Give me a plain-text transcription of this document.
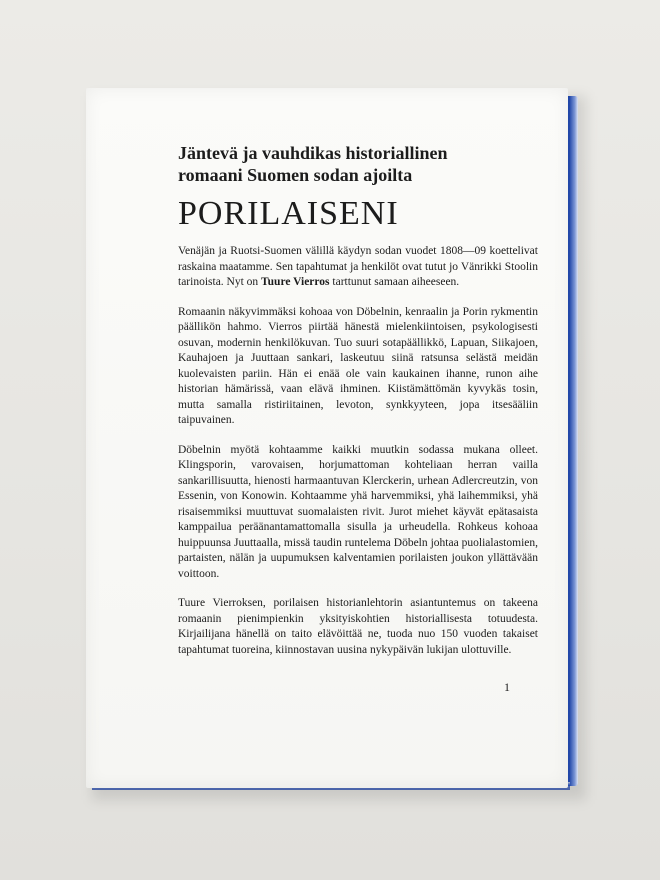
Jäntevä ja vauhdikas historiallinen
romaani Suomen sodan ajoilta

PORILAISENI

Venäjän ja Ruotsi-Suomen välillä käydyn sodan vuodet 1808—09 koettelivat raskaina maatamme. Sen tapahtumat ja henkilöt ovat tutut jo Vänrikki Stoolin tarinoista. Nyt on Tuure Vierros tarttunut samaan aiheeseen.

Romaanin näkyvimmäksi kohoaa von Döbelnin, kenraalin ja Porin rykmentin päällikön hahmo. Vierros piirtää hänestä mielenkiintoisen, psykologisesti osuvan, modernin henkilökuvan. Tuo suuri sotapäällikkö, Lapuan, Siikajoen, Kauhajoen ja Juuttaan sankari, laskeutuu siinä ratsunsa selästä meidän kuolevaisten pariin. Hän ei enää ole vain kaukainen ihanne, runon aihe historian hämärissä, vaan elävä ihminen. Kiistämättömän kyvykäs tosin, mutta samalla ristiriitainen, levoton, synkkyyteen, jopa itsesääliin taipuvainen.

Döbelnin myötä kohtaamme kaikki muutkin sodassa mukana olleet. Klingsporin, varovaisen, horjumattoman kohteliaan herran vailla sankarillisuutta, hienosti harmaantuvan Klerckerin, urhean Adlercreutzin, von Essenin, von Konowin. Kohtaamme yhä harvemmiksi, yhä laihemmiksi, yhä risaisemmiksi muuttuvat suomalaisten rivit. Jurot miehet käyvät epätasaista kamppailua peräänantamattomalla sisulla ja urheudella. Rohkeus kohoaa huippuunsa Juuttaalla, missä taudin runtelema Döbeln johtaa puolialastomien, partaisten, nälän ja uupumuksen kalventamien porilaisten joukon yllättävään voittoon.

Tuure Vierroksen, porilaisen historianlehtorin asiantuntemus on takeena romaanin pienimpienkin yksityiskohtien historiallisesta totuudesta. Kirjailijana hänellä on taito elävöittää ne, tuoda nuo 150 vuoden takaiset tapahtumat tuoreina, kiinnostavan uusina nykypäivän lukijan ulottuville.

1
